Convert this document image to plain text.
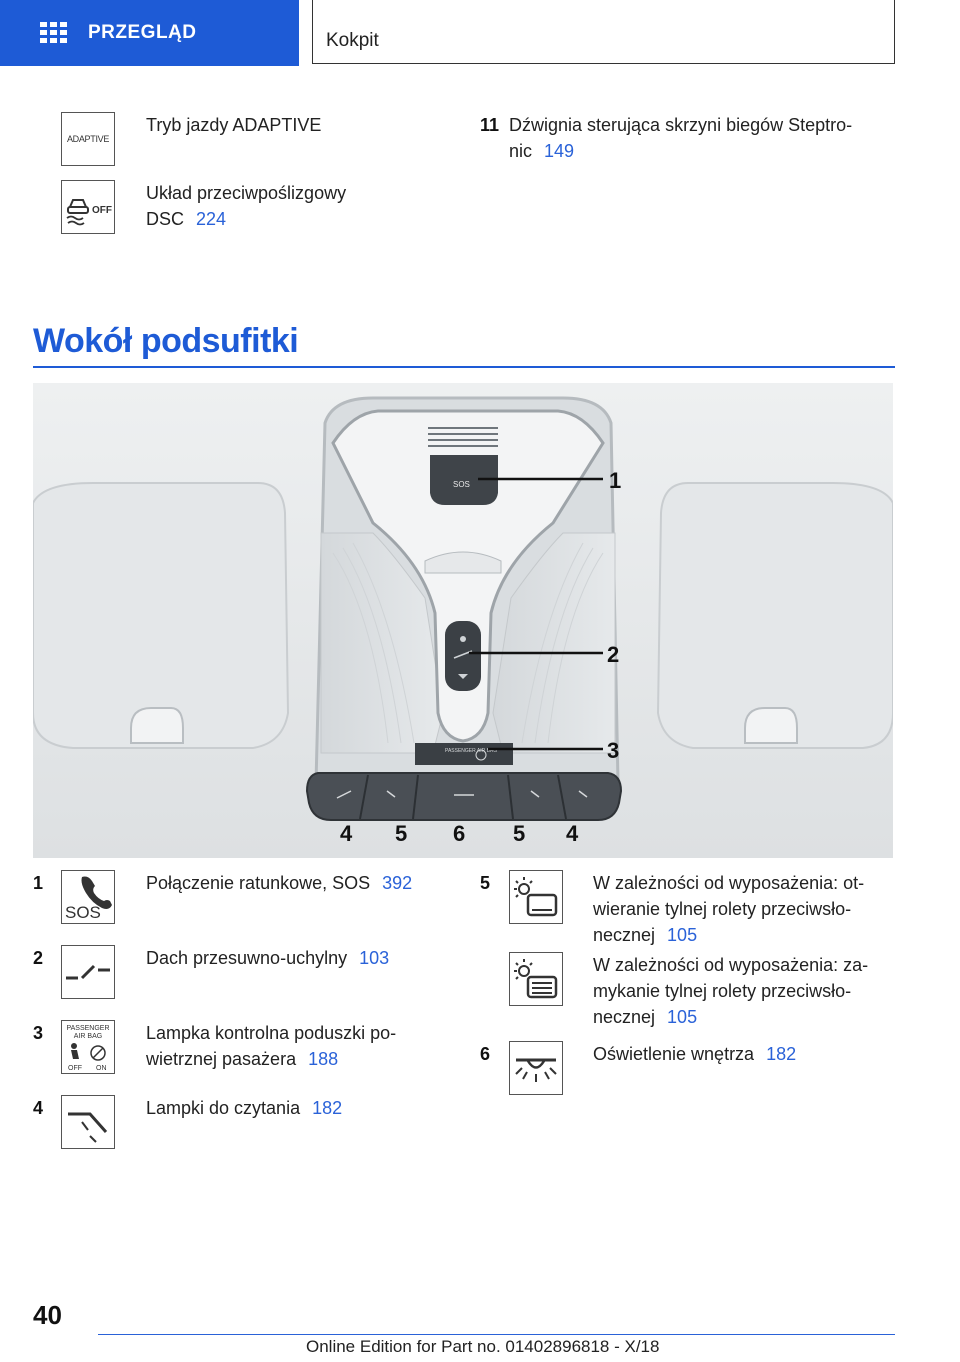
PRZEGLĄD	Kokpit
ADAPTIVE
Tryb jazdy ADAPTIVE
OFF
Układ przeciwpoślizgowy
DSC 224
11 Dźwignia sterująca skrzyni biegów Steptro-
nic 149
Wokół podsufitki
SOS
PASSENGER AIR BAG
1
2
3
4 5 6 5 4
1
SOS
Połączenie ratunkowe, SOS 392
2	Dach przesuwno-uchylny 103
3	PASSENGER
AIR BAG
OFF ON
Lampka kontrolna poduszki po-
wietrznej pasażera 188
4	Lampki do czytania 182
5	W zależności od wyposażenia: ot-
wieranie tylnej rolety przeciwsło-
necznej 105
W zależności od wyposażenia: za-
mykanie tylnej rolety przeciwsło-
necznej 105
6	Oświetlenie wnętrza 182
40
Online Edition for Part no. 01402896818 - X/18
